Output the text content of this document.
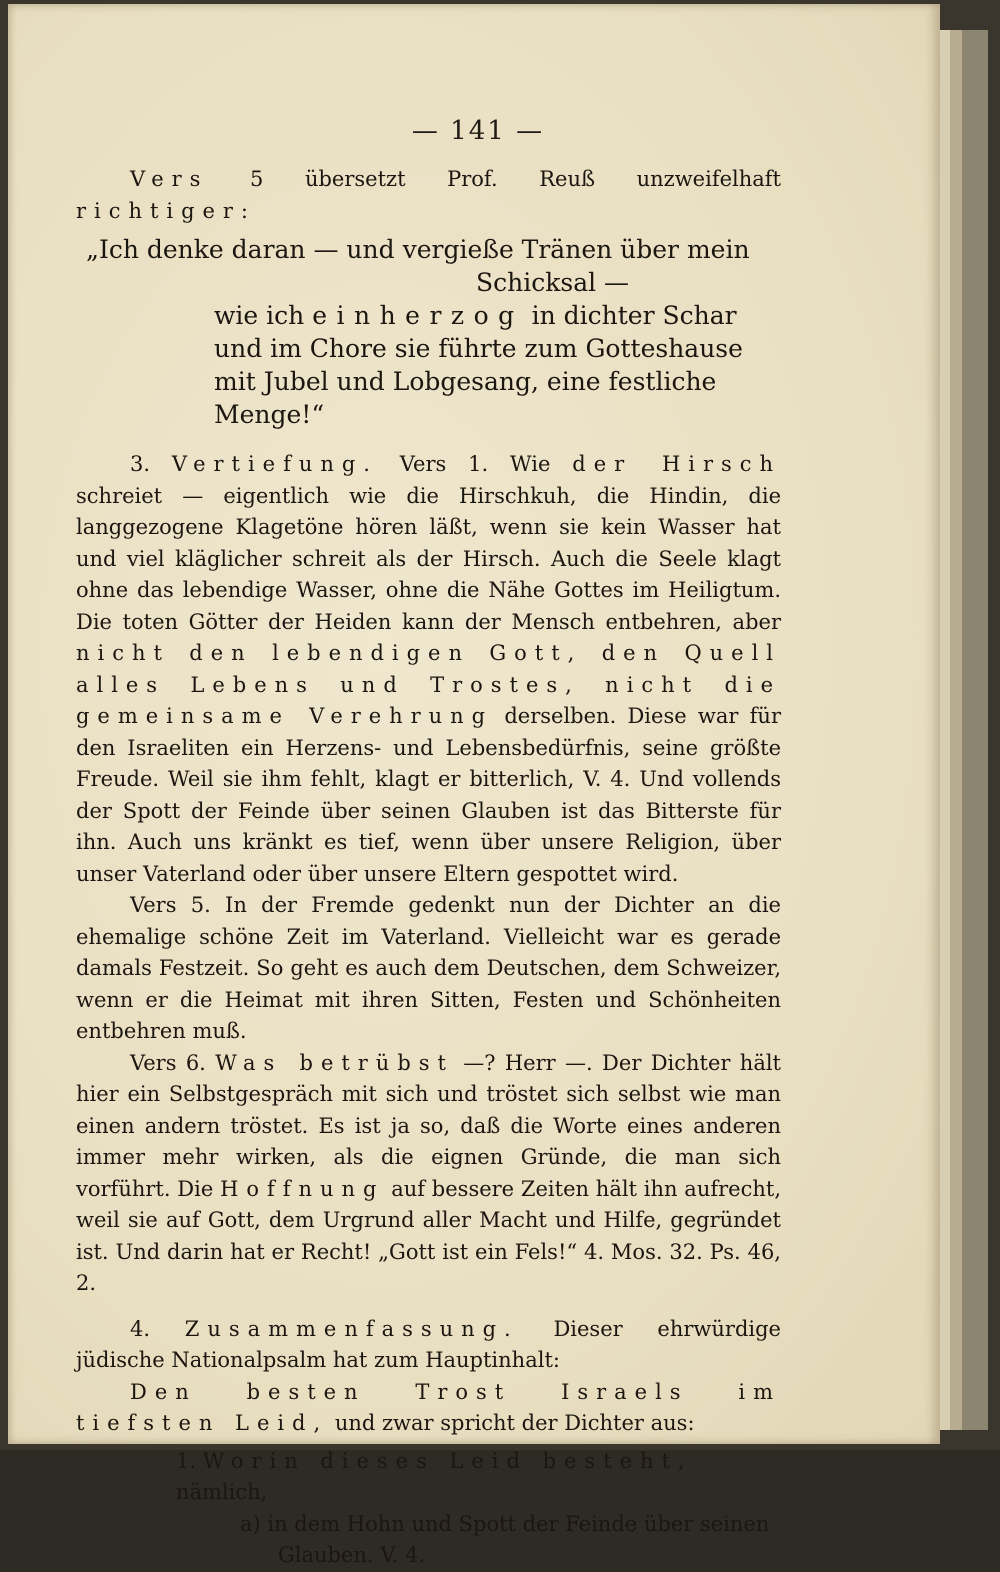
— 141 —

Vers 5 übersetzt Prof. Reuß unzweifelhaft richtiger:

„Ich denke daran — und vergieße Tränen über mein
Schicksal —
wie ich einherzog in dichter Schar
und im Chore sie führte zum Gotteshause
mit Jubel und Lobgesang, eine festliche Menge!“

3. Vertiefung. Vers 1. Wie der Hirsch schreiet — eigentlich wie die Hirschkuh, die Hindin, die langgezogene Klagetöne hören läßt, wenn sie kein Wasser hat und viel kläglicher schreit als der Hirsch. Auch die Seele klagt ohne das lebendige Wasser, ohne die Nähe Gottes im Heiligtum. Die toten Götter der Heiden kann der Mensch entbehren, aber nicht den lebendigen Gott, den Quell alles Lebens und Trostes, nicht die gemeinsame Verehrung derselben. Diese war für den Israeliten ein Herzens- und Lebensbedürfnis, seine größte Freude. Weil sie ihm fehlt, klagt er bitterlich, V. 4. Und vollends der Spott der Feinde über seinen Glauben ist das Bitterste für ihn. Auch uns kränkt es tief, wenn über unsere Religion, über unser Vaterland oder über unsere Eltern gespottet wird.

Vers 5. In der Fremde gedenkt nun der Dichter an die ehemalige schöne Zeit im Vaterland. Vielleicht war es gerade damals Festzeit. So geht es auch dem Deutschen, dem Schweizer, wenn er die Heimat mit ihren Sitten, Festen und Schönheiten entbehren muß.

Vers 6. Was betrübst —? Herr —. Der Dichter hält hier ein Selbstgespräch mit sich und tröstet sich selbst wie man einen andern tröstet. Es ist ja so, daß die Worte eines anderen immer mehr wirken, als die eignen Gründe, die man sich vorführt. Die Hoffnung auf bessere Zeiten hält ihn aufrecht, weil sie auf Gott, dem Urgrund aller Macht und Hilfe, gegründet ist. Und darin hat er Recht! „Gott ist ein Fels!“ 4. Mos. 32. Ps. 46, 2.

4. Zusammenfassung. Dieser ehrwürdige jüdische Nationalpsalm hat zum Hauptinhalt:

Den besten Trost Israels im tiefsten Leid, und zwar spricht der Dichter aus:

1. Worin dieses Leid besteht, nämlich,
a) in dem Hohn und Spott der Feinde über seinen
Glauben. V. 4.
